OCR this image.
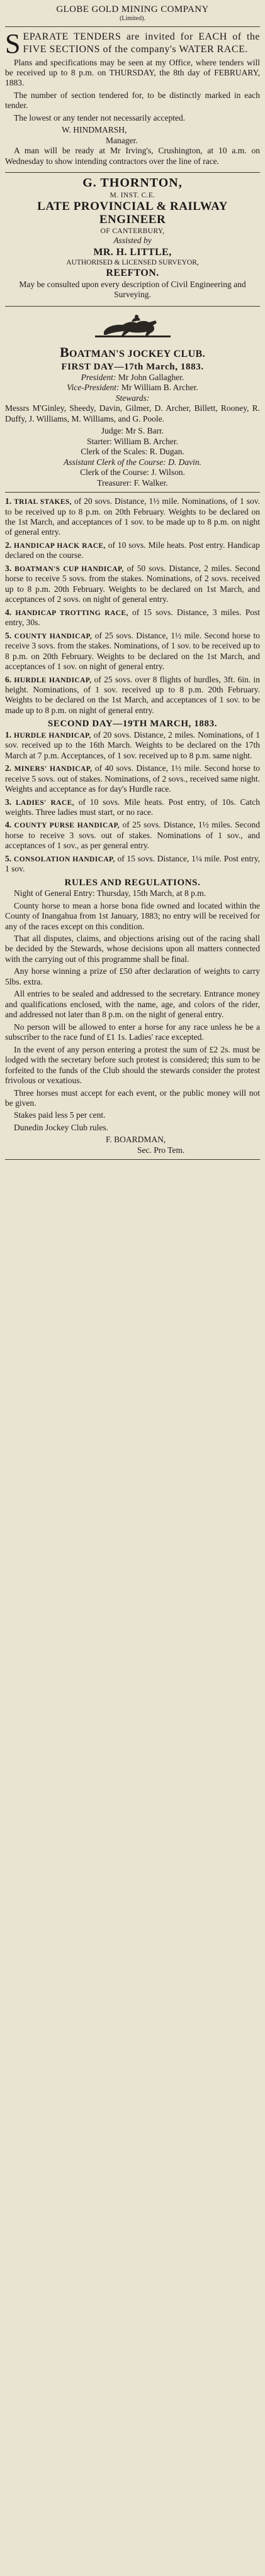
GLOBE GOLD MINING COMPANY
(Limited).

SEPARATE TENDERS are invited for EACH of the FIVE SECTIONS of the company's WATER RACE.

Plans and specifications may be seen at my Office, where tenders will be received up to 8 p.m. on THURSDAY, the 8th day of FEBRUARY, 1883.

The number of section tendered for, to be distinctly marked in each tender.

The lowest or any tender not necessarily accepted.

W. HINDMARSH,
Manager.

A man will be ready at Mr Irving's, Crushington, at 10 a.m. on Wednesday to show intending contractors over the line of race.

G. THORNTON,
M. INST. C.E.
LATE PROVINCIAL & RAILWAY ENGINEER
OF CANTERBURY,
Assisted by
MR. H. LITTLE,
AUTHORISED & LICENSED SURVEYOR,
REEFTON.

May be consulted upon every description of Civil Engineering and Surveying.

BOATMAN'S JOCKEY CLUB.
FIRST DAY—17th March, 1883.
President: Mr John Gallagher.
Vice-President: Mr William B. Archer.
Stewards:

Messrs M'Ginley, Sheedy, Davin, Gilmer, D. Archer, Billett, Rooney, R. Duffy, J. Williams, M. Williams, and G. Poole.

Judge: Mr S. Barr.
Starter: William B. Archer.
Clerk of the Scales: R. Dugan.
Assistant Clerk of the Course: D. Davin.
Clerk of the Course: J. Wilson.
Treasurer: F. Walker.

1. TRIAL STAKES, of 20 sovs. Distance, 1½ mile. Nominations, of 1 sov. to be received up to 8 p.m. on 20th February. Weights to be declared on the 1st March, and acceptances of 1 sov. to be made up to 8 p.m. on night of general entry.

2. HANDICAP HACK RACE, of 10 sovs. Mile heats. Post entry. Handicap declared on the course.

3. BOATMAN'S CUP HANDICAP, of 50 sovs. Distance, 2 miles. Second horse to receive 5 sovs. from the stakes. Nominations, of 2 sovs. received up to 8 p.m. 20th February. Weights to be declared on 1st March, and acceptances of 2 sovs. on night of general entry.

4. HANDICAP TROTTING RACE, of 15 sovs. Distance, 3 miles. Post entry, 30s.

5. COUNTY HANDICAP, of 25 sovs. Distance, 1½ mile. Second horse to receive 3 sovs. from the stakes. Nominations, of 1 sov. to be received up to 8 p.m. on 20th February. Weights to be declared on the 1st March, and acceptances of 1 sov. on night of general entry.

6. HURDLE HANDICAP, of 25 sovs. over 8 flights of hurdles, 3ft. 6in. in height. Nominations, of 1 sov. received up to 8 p.m. 20th February. Weights to be declared on the 1st March, and acceptances of 1 sov. to be made up to 8 p.m. on night of general entry.

SECOND DAY—19TH MARCH, 1883.

1. HURDLE HANDICAP, of 20 sovs. Distance, 2 miles. Nominations, of 1 sov. received up to the 16th March. Weights to be declared on the 17th March at 7 p.m. Acceptances, of 1 sov. received up to 8 p.m. same night.

2. MINERS' HANDICAP, of 40 sovs. Distance, 1½ mile. Second horse to receive 5 sovs. out of stakes. Nominations, of 2 sovs., received same night. Weights and acceptance as for day's Hurdle race.

3. LADIES' RACE, of 10 sovs. Mile heats. Post entry, of 10s. Catch weights. Three ladies must start, or no race.

4. COUNTY PURSE HANDICAP, of 25 sovs. Distance, 1½ miles. Second horse to receive 3 sovs. out of stakes. Nominations of 1 sov., and acceptances of 1 sov., as per general entry.

5. CONSOLATION HANDICAP, of 15 sovs. Distance, 1¼ mile. Post entry, 1 sov.

RULES AND REGULATIONS.

Night of General Entry: Thursday, 15th March, at 8 p.m.

County horse to mean a horse bona fide owned and located within the County of Inangahua from 1st January, 1883; no entry will be received for any of the races except on this condition.

That all disputes, claims, and objections arising out of the racing shall be decided by the Stewards, whose decisions upon all matters connected with the carrying out of this programme shall be final.

Any horse winning a prize of £50 after declaration of weights to carry 5lbs. extra.

All entries to be sealed and addressed to the secretary. Entrance money and qualifications enclosed, with the name, age, and colors of the rider, and addressed not later than 8 p.m. on the night of general entry.

No person will be allowed to enter a horse for any race unless he be a subscriber to the race fund of £1 1s. Ladies' race excepted.

In the event of any person entering a protest the sum of £2 2s. must be lodged with the secretary before such protest is considered; this sum to be forfeited to the funds of the Club should the stewards consider the protest frivolous or vexatious.

Three horses must accept for each event, or the public money will not be given.

Stakes paid less 5 per cent.

Dunedin Jockey Club rules.

F. BOARDMAN,
Sec. Pro Tem.
